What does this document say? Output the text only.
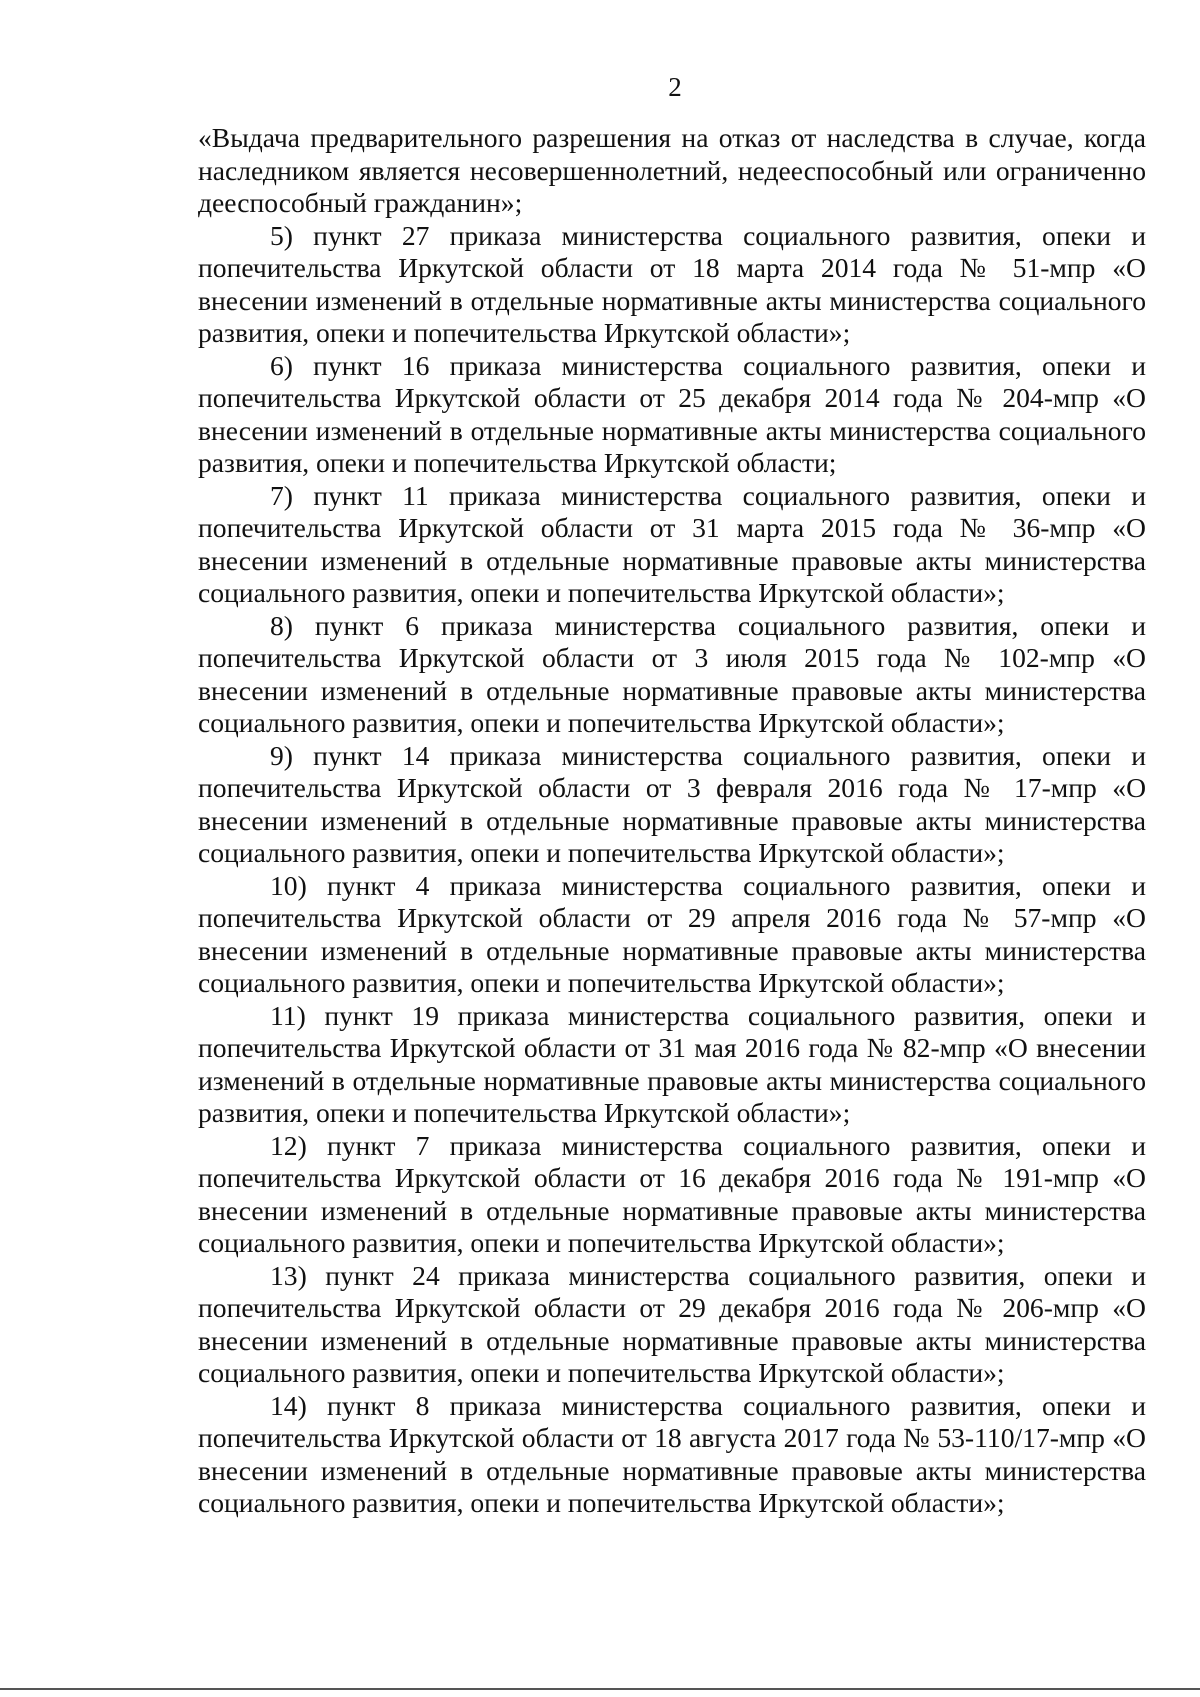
2

«Выдача предварительного разрешения на отказ от наследства в случае, когда наследником является несовершеннолетний, недееспособный или ограниченно дееспособный гражданин»;

5) пункт 27 приказа министерства социального развития, опеки и попечительства Иркутской области от 18 марта 2014 года № 51-мпр «О внесении изменений в отдельные нормативные акты министерства социального развития, опеки и попечительства Иркутской области»;

6) пункт 16 приказа министерства социального развития, опеки и попечительства Иркутской области от 25 декабря 2014 года № 204-мпр «О внесении изменений в отдельные нормативные акты министерства социального развития, опеки и попечительства Иркутской области;

7) пункт 11 приказа министерства социального развития, опеки и попечительства Иркутской области от 31 марта 2015 года № 36-мпр «О внесении изменений в отдельные нормативные правовые акты министерства социального развития, опеки и попечительства Иркутской области»;

8) пункт 6 приказа министерства социального развития, опеки и попечительства Иркутской области от 3 июля 2015 года № 102-мпр «О внесении изменений в отдельные нормативные правовые акты министерства социального развития, опеки и попечительства Иркутской области»;

9) пункт 14 приказа министерства социального развития, опеки и попечительства Иркутской области от 3 февраля 2016 года № 17-мпр «О внесении изменений в отдельные нормативные правовые акты министерства социального развития, опеки и попечительства Иркутской области»;

10) пункт 4 приказа министерства социального развития, опеки и попечительства Иркутской области от 29 апреля 2016 года № 57-мпр «О внесении изменений в отдельные нормативные правовые акты министерства социального развития, опеки и попечительства Иркутской области»;

11) пункт 19 приказа министерства социального развития, опеки и попечительства Иркутской области от 31 мая 2016 года № 82-мпр «О внесении изменений в отдельные нормативные правовые акты министерства социального развития, опеки и попечительства Иркутской области»;

12) пункт 7 приказа министерства социального развития, опеки и попечительства Иркутской области от 16 декабря 2016 года № 191-мпр «О внесении изменений в отдельные нормативные правовые акты министерства социального развития, опеки и попечительства Иркутской области»;

13) пункт 24 приказа министерства социального развития, опеки и попечительства Иркутской области от 29 декабря 2016 года № 206-мпр «О внесении изменений в отдельные нормативные правовые акты министерства социального развития, опеки и попечительства Иркутской области»;

14) пункт 8 приказа министерства социального развития, опеки и попечительства Иркутской области от 18 августа 2017 года № 53-110/17-мпр «О внесении изменений в отдельные нормативные правовые акты министерства социального развития, опеки и попечительства Иркутской области»;
